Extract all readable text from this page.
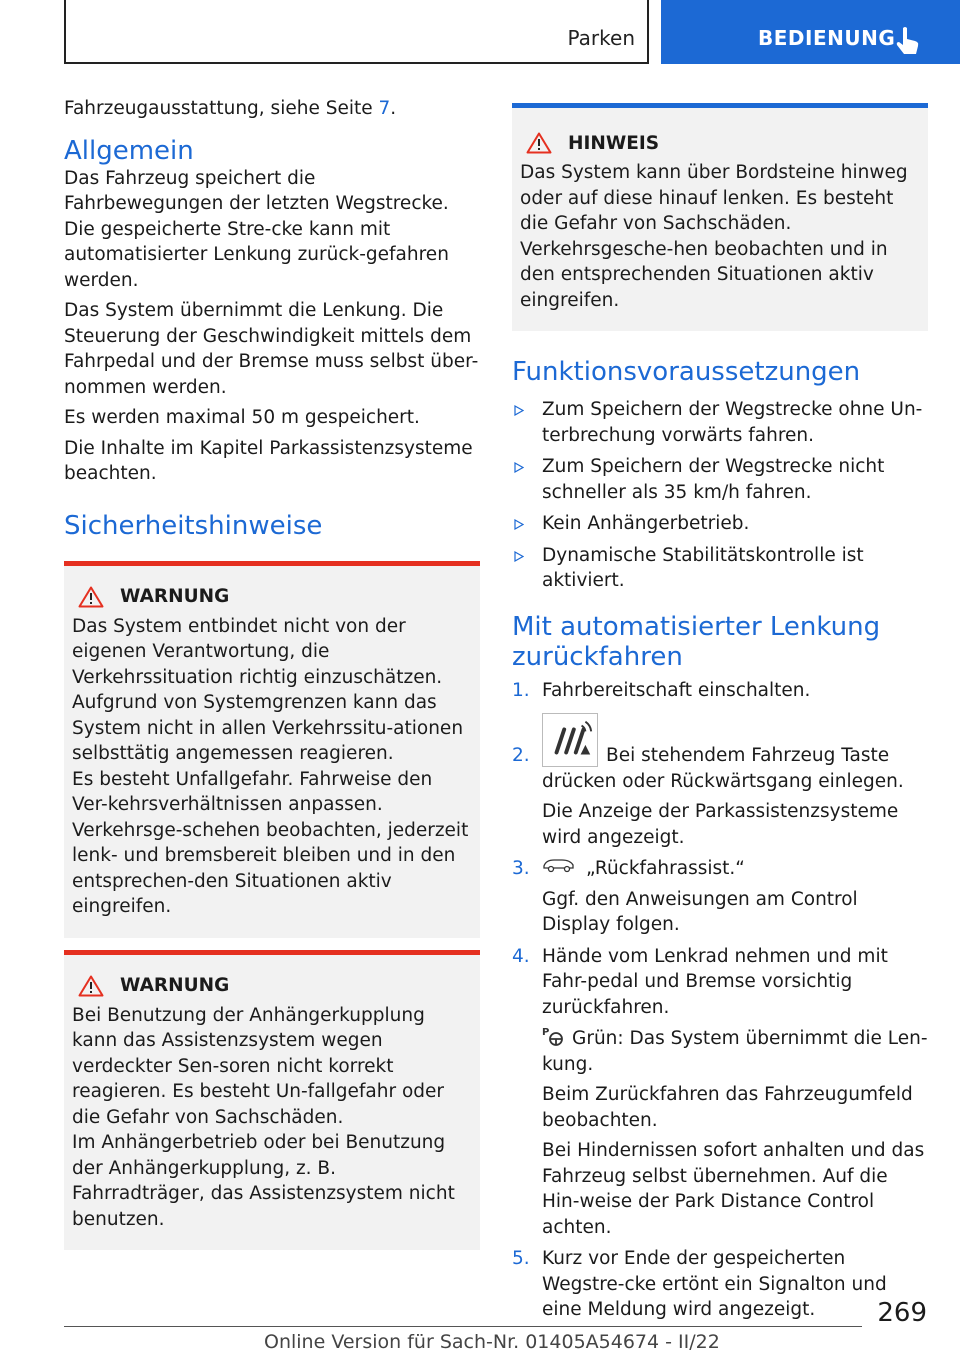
Parken	BEDIENUNG

Fahrzeugausstattung, siehe Seite 7.

Allgemein

Das Fahrzeug speichert die Fahrbewegungen der letzten Wegstrecke. Die gespeicherte Stre-cke kann mit automatisierter Lenkung zurück-gefahren werden.

Das System übernimmt die Lenkung. Die Steuerung der Geschwindigkeit mittels dem Fahrpedal und der Bremse muss selbst über-nommen werden.

Es werden maximal 50 m gespeichert.

Die Inhalte im Kapitel Parkassistenzsysteme beachten.

Sicherheitshinweise
WARNUNG

Das System entbindet nicht von der eigenen Verantwortung, die Verkehrssituation richtig einzuschätzen. Aufgrund von Systemgrenzen kann das System nicht in allen Verkehrssitu-ationen selbsttätig angemessen reagieren.

Es besteht Unfallgefahr. Fahrweise den Ver-kehrsverhältnissen anpassen. Verkehrsge-schehen beobachten, jederzeit lenk- und bremsbereit bleiben und in den entsprechen-den Situationen aktiv eingreifen.

WARNUNG

Bei Benutzung der Anhängerkupplung kann das Assistenzsystem wegen verdeckter Sen-soren nicht korrekt reagieren. Es besteht Un-fallgefahr oder die Gefahr von Sachschäden.

Im Anhängerbetrieb oder bei Benutzung der Anhängerkupplung, z. B. Fahrradträger, das Assistenzsystem nicht benutzen.

HINWEIS

Das System kann über Bordsteine hinweg oder auf diese hinauf lenken. Es besteht die Gefahr von Sachschäden.

Verkehrsgesche-hen beobachten und in den entsprechenden Situationen aktiv eingreifen.

Funktionsvoraussetzungen
Zum Speichern der Wegstrecke ohne Un-terbrechung vorwärts fahren.
Zum Speichern der Wegstrecke nicht schneller als 35 km/h fahren.
Kein Anhängerbetrieb.
Dynamische Stabilitätskontrolle ist aktiviert.
Mit automatisierter Lenkung zurückfahren
1. Fahrbereitschaft einschalten.
2.	Bei stehendem Fahrzeug Taste drücken oder Rückwärtsgang einlegen.

Die Anzeige der Parkassistenzsysteme wird angezeigt.

3.	„Rückfahrassist.“

Ggf. den Anweisungen am Control Display folgen.

4. Hände vom Lenkrad nehmen und mit Fahr-pedal und Bremse vorsichtig zurückfahren.

P Grün: Das System übernimmt die Len-kung.

Beim Zurückfahren das Fahrzeugumfeld beobachten.

Bei Hindernissen sofort anhalten und das Fahrzeug selbst übernehmen. Auf die Hin-weise der Park Distance Control achten.

5. Kurz vor Ende der gespeicherten Wegstre-cke ertönt ein Signalton und eine Meldung wird angezeigt.	269
Online Version für Sach-Nr. 01405A54674 - II/22
